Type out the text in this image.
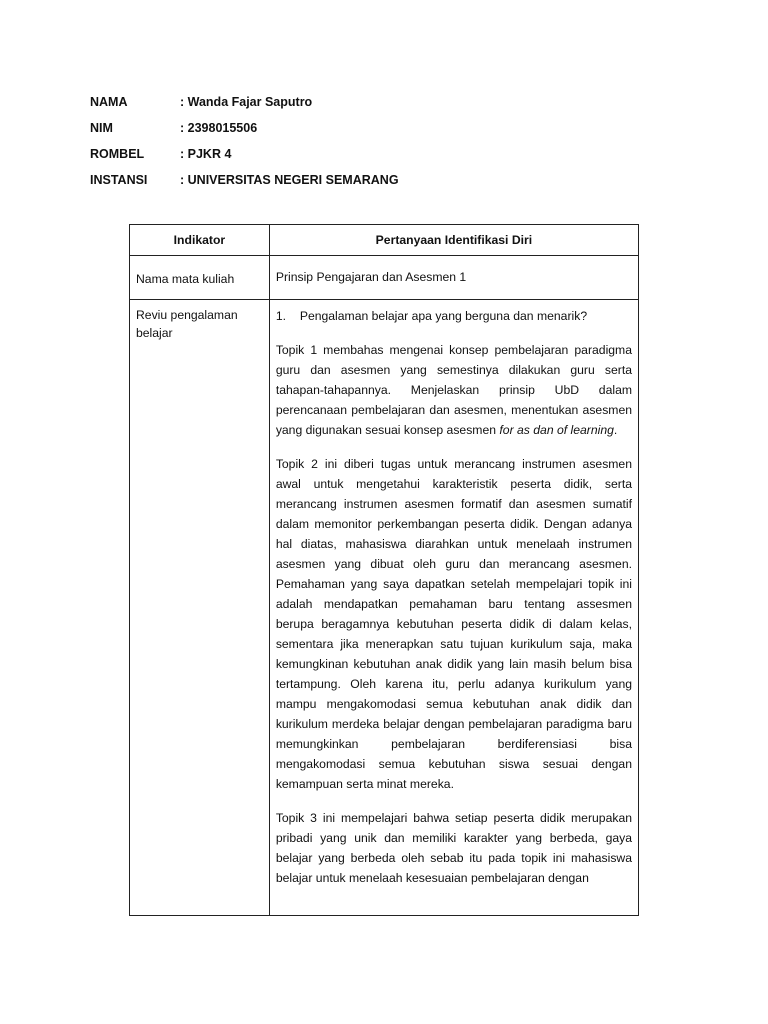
NAMA	: Wanda Fajar Saputro
NIM	: 2398015506
ROMBEL	: PJKR 4
INSTANSI	: UNIVERSITAS NEGERI SEMARANG
Indikator	Pertanyaan Identifikasi Diri

Nama mata kuliah	Prinsip Pengajaran dan Asesmen 1

Reviu pengalaman belajar	1. Pengalaman belajar apa yang berguna dan menarik?

Topik 1 membahas mengenai konsep pembelajaran paradigma guru dan asesmen yang semestinya dilakukan guru serta tahapan-tahapannya. Menjelaskan prinsip UbD dalam perencanaan pembelajaran dan asesmen, menentukan asesmen yang digunakan sesuai konsep asesmen for as dan of learning.

Topik 2 ini diberi tugas untuk merancang instrumen asesmen awal untuk mengetahui karakteristik peserta didik, serta merancang instrumen asesmen formatif dan asesmen sumatif dalam memonitor perkembangan peserta didik. Dengan adanya hal diatas, mahasiswa diarahkan untuk menelaah instrumen asesmen yang dibuat oleh guru dan merancang asesmen. Pemahaman yang saya dapatkan setelah mempelajari topik ini adalah mendapatkan pemahaman baru tentang assesmen berupa beragamnya kebutuhan peserta didik di dalam kelas, sementara jika menerapkan satu tujuan kurikulum saja, maka kemungkinan kebutuhan anak didik yang lain masih belum bisa tertampung. Oleh karena itu, perlu adanya kurikulum yang mampu mengakomodasi semua kebutuhan anak didik dan kurikulum merdeka belajar dengan pembelajaran paradigma baru memungkinkan pembelajaran berdiferensiasi bisa mengakomodasi semua kebutuhan siswa sesuai dengan kemampuan serta minat mereka.

Topik 3 ini mempelajari bahwa setiap peserta didik merupakan pribadi yang unik dan memiliki karakter yang berbeda, gaya belajar yang berbeda oleh sebab itu pada topik ini mahasiswa belajar untuk menelaah kesesuaian pembelajaran dengan
